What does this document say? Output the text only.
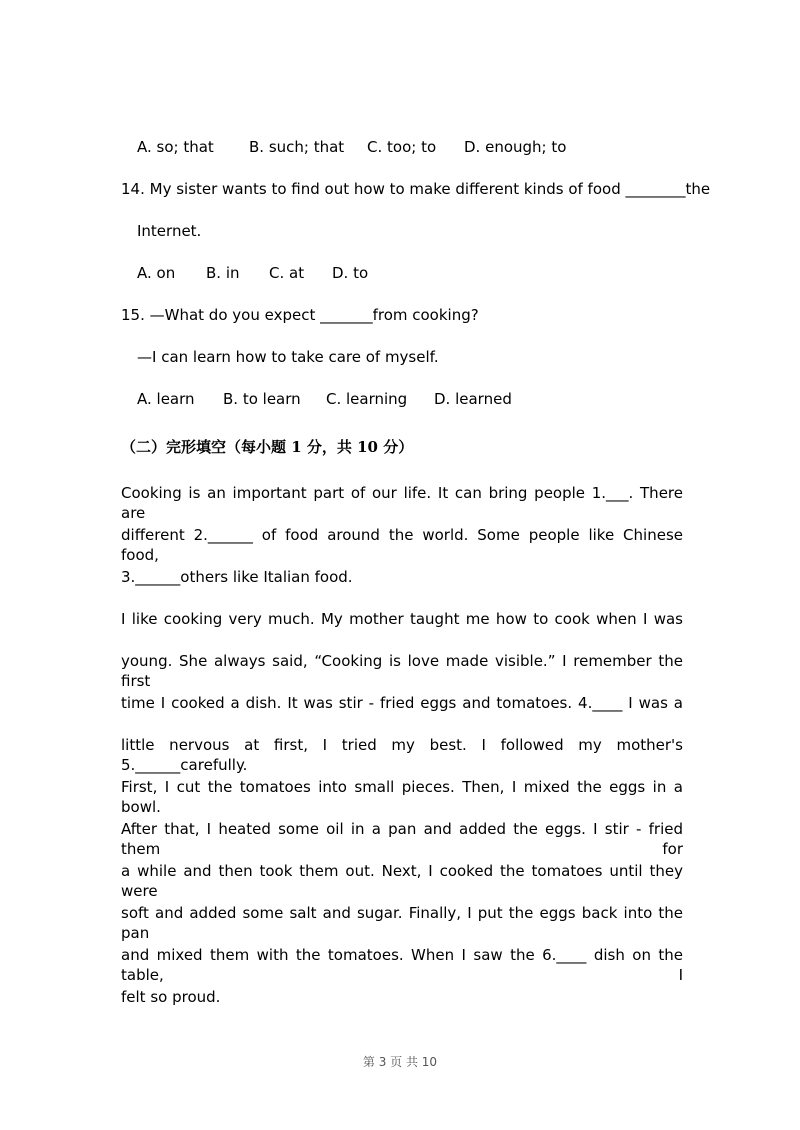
A. so; that B. such; that C. too; to D. enough; to
14. My sister wants to find out how to make different kinds of food ________the
Internet.
A. on B. in C. at D. to
15. —What do you expect _______from cooking?
—I can learn how to take care of myself.
A. learn B. to learn C. learning D. learned
（二）完形填空（每小题 1 分，共 10 分）
Cooking is an important part of our life. It can bring people 1.___. There are
different 2.______ of food around the world. Some people like Chinese food,
3.______others like Italian food.
I like cooking very much. My mother taught me how to cook when I was
young. She always said, “Cooking is love made visible.” I remember the first
time I cooked a dish. It was stir - fried eggs and tomatoes. 4.____ I was a
little nervous at first, I tried my best. I followed my mother's 5.______carefully.
First, I cut the tomatoes into small pieces. Then, I mixed the eggs in a bowl.
After that, I heated some oil in a pan and added the eggs. I stir - fried them for
a while and then took them out. Next, I cooked the tomatoes until they were
soft and added some salt and sugar. Finally, I put the eggs back into the pan
and mixed them with the tomatoes. When I saw the 6.____ dish on the table, I
felt so proud.
第 3 页 共 10
